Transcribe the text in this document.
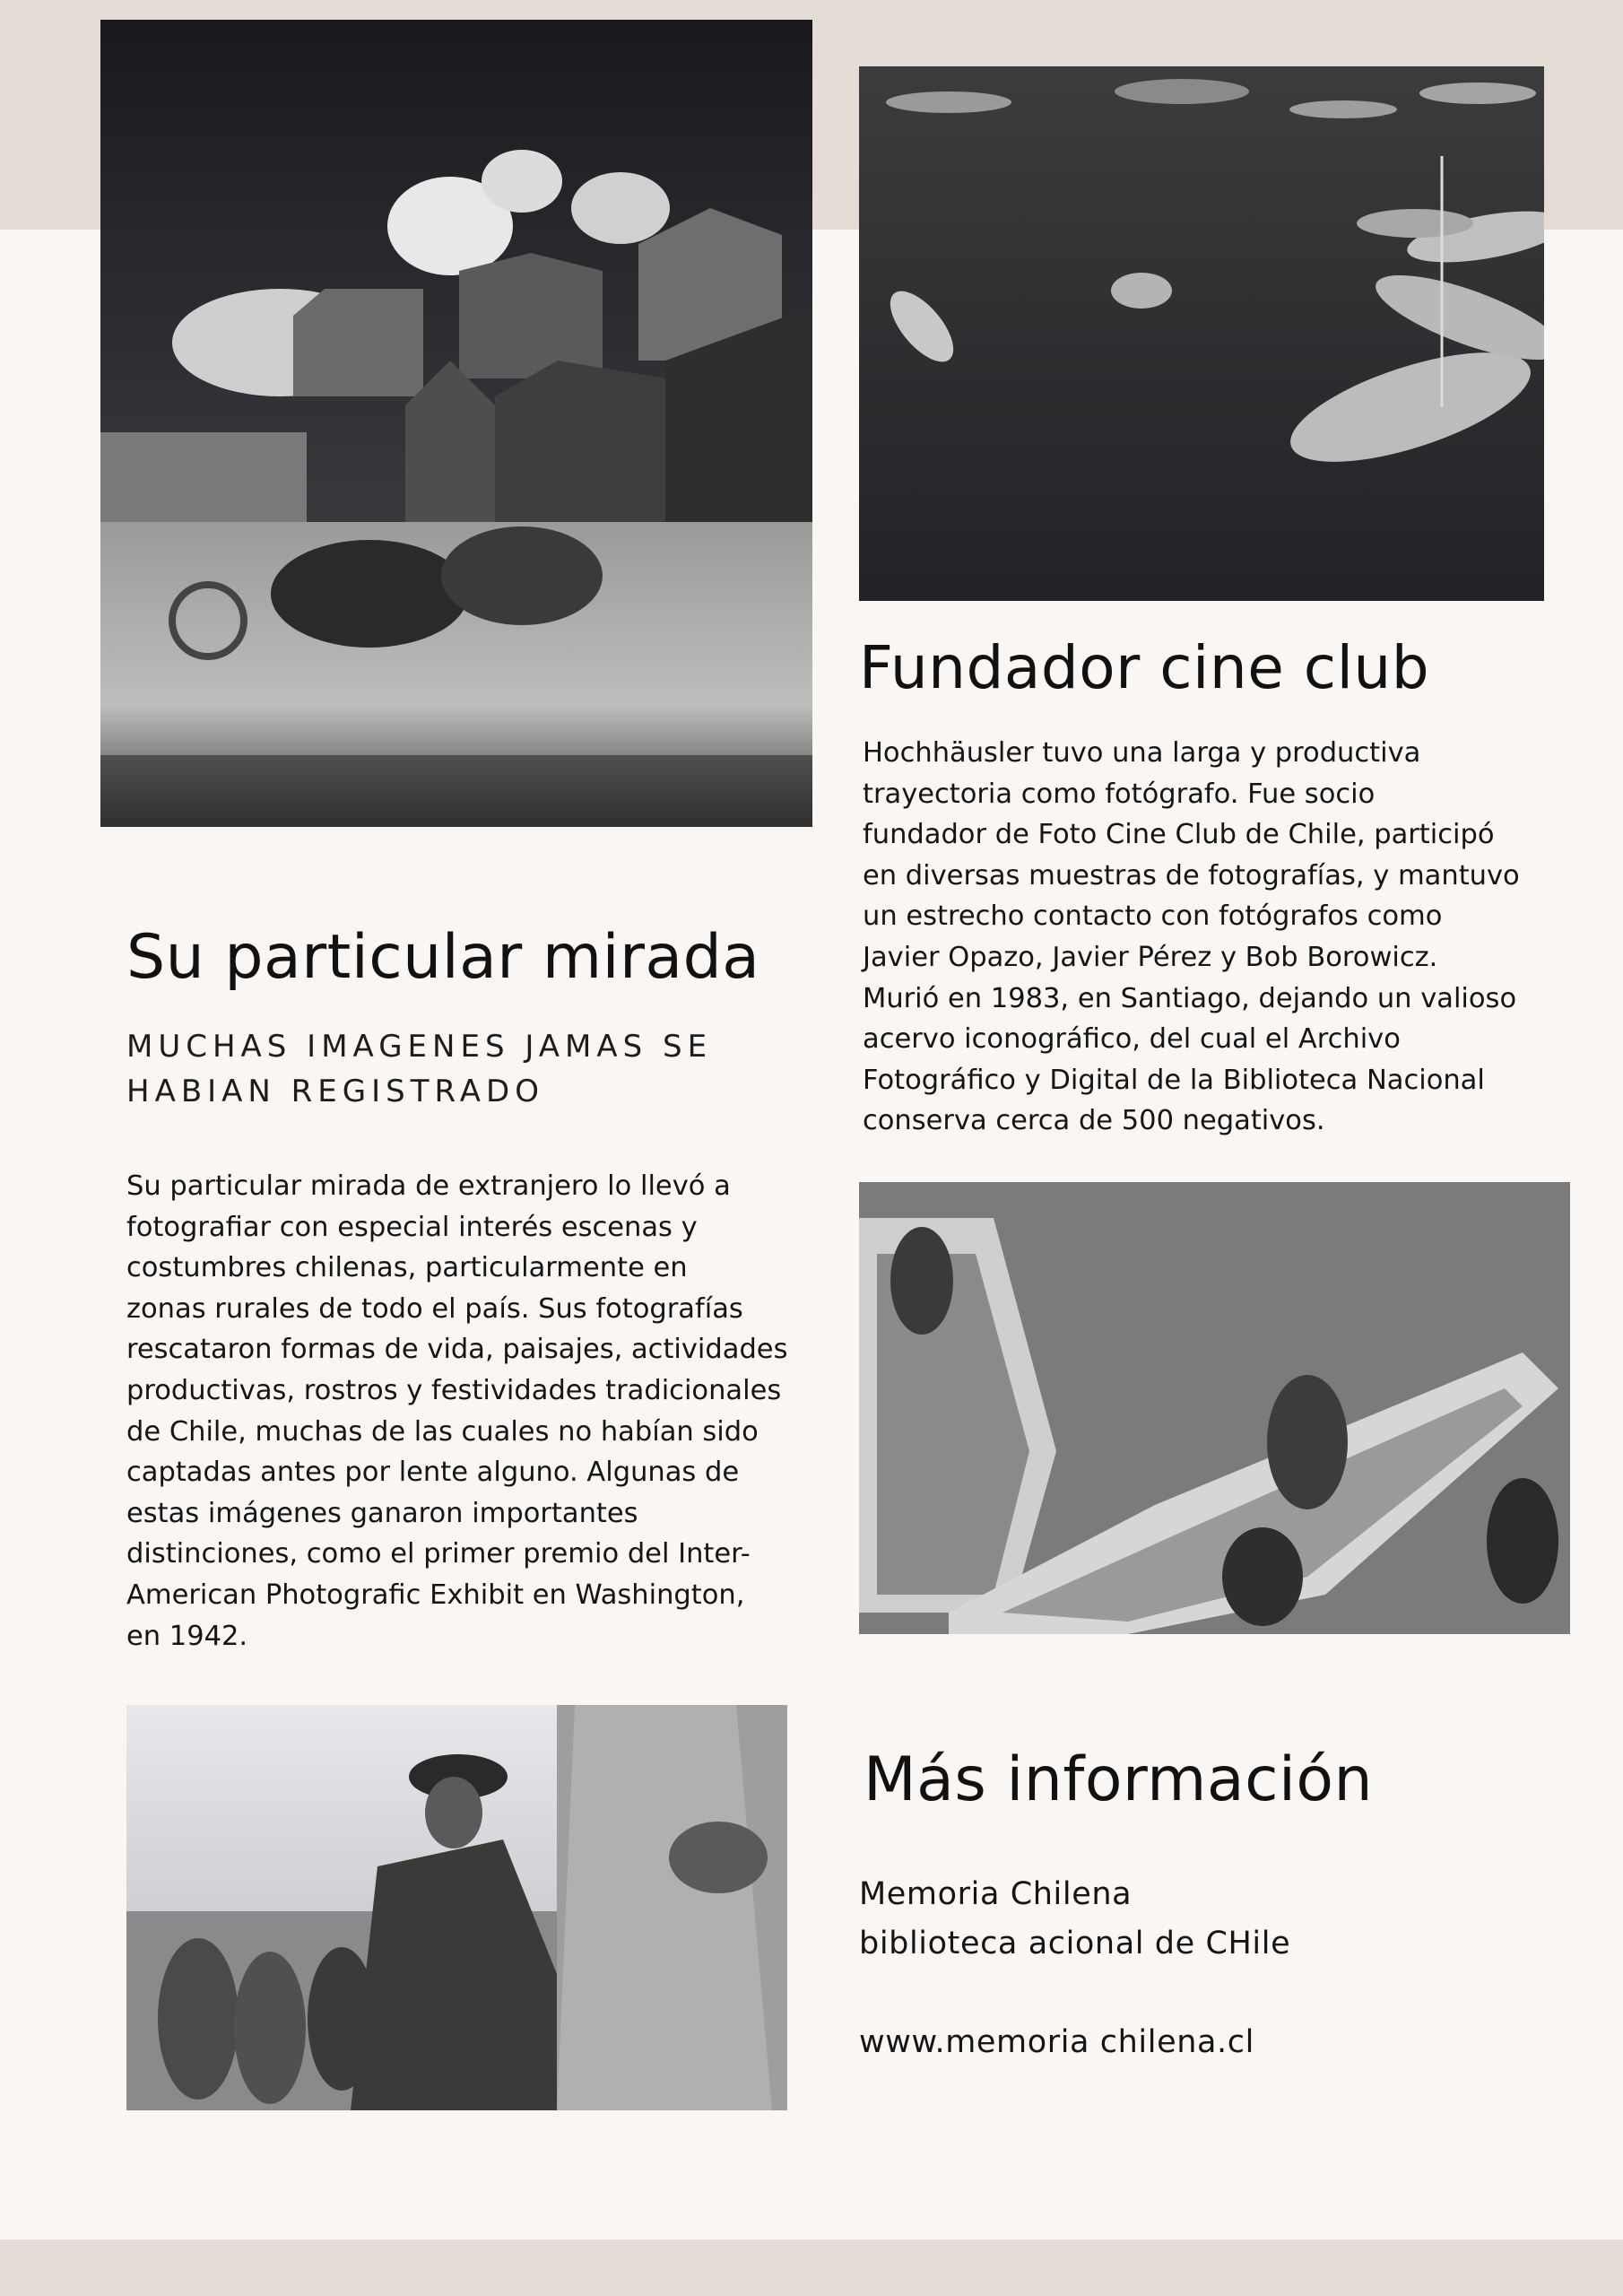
Su particular mirada
MUCHAS IMAGENES JAMAS SE
HABIAN REGISTRADO
Su particular mirada de extranjero lo llevó a
fotografiar con especial interés escenas y
costumbres chilenas, particularmente en
zonas rurales de todo el país. Sus fotografías
rescataron formas de vida, paisajes, actividades
productivas, rostros y festividades tradicionales
de Chile, muchas de las cuales no habían sido
captadas antes por lente alguno. Algunas de
estas imágenes ganaron importantes
distinciones, como el primer premio del Inter-
American Photografic Exhibit en Washington,
en 1942.
Fundador cine club
Hochhäusler tuvo una larga y productiva
trayectoria como fotógrafo. Fue socio
fundador de Foto Cine Club de Chile, participó
en diversas muestras de fotografías, y mantuvo
un estrecho contacto con fotógrafos como
Javier Opazo, Javier Pérez y Bob Borowicz.
Murió en 1983, en Santiago, dejando un valioso
acervo iconográfico, del cual el Archivo
Fotográfico y Digital de la Biblioteca Nacional
conserva cerca de 500 negativos.
Más información
Memoria Chilena
biblioteca acional de CHile
www.memoria chilena.cl
